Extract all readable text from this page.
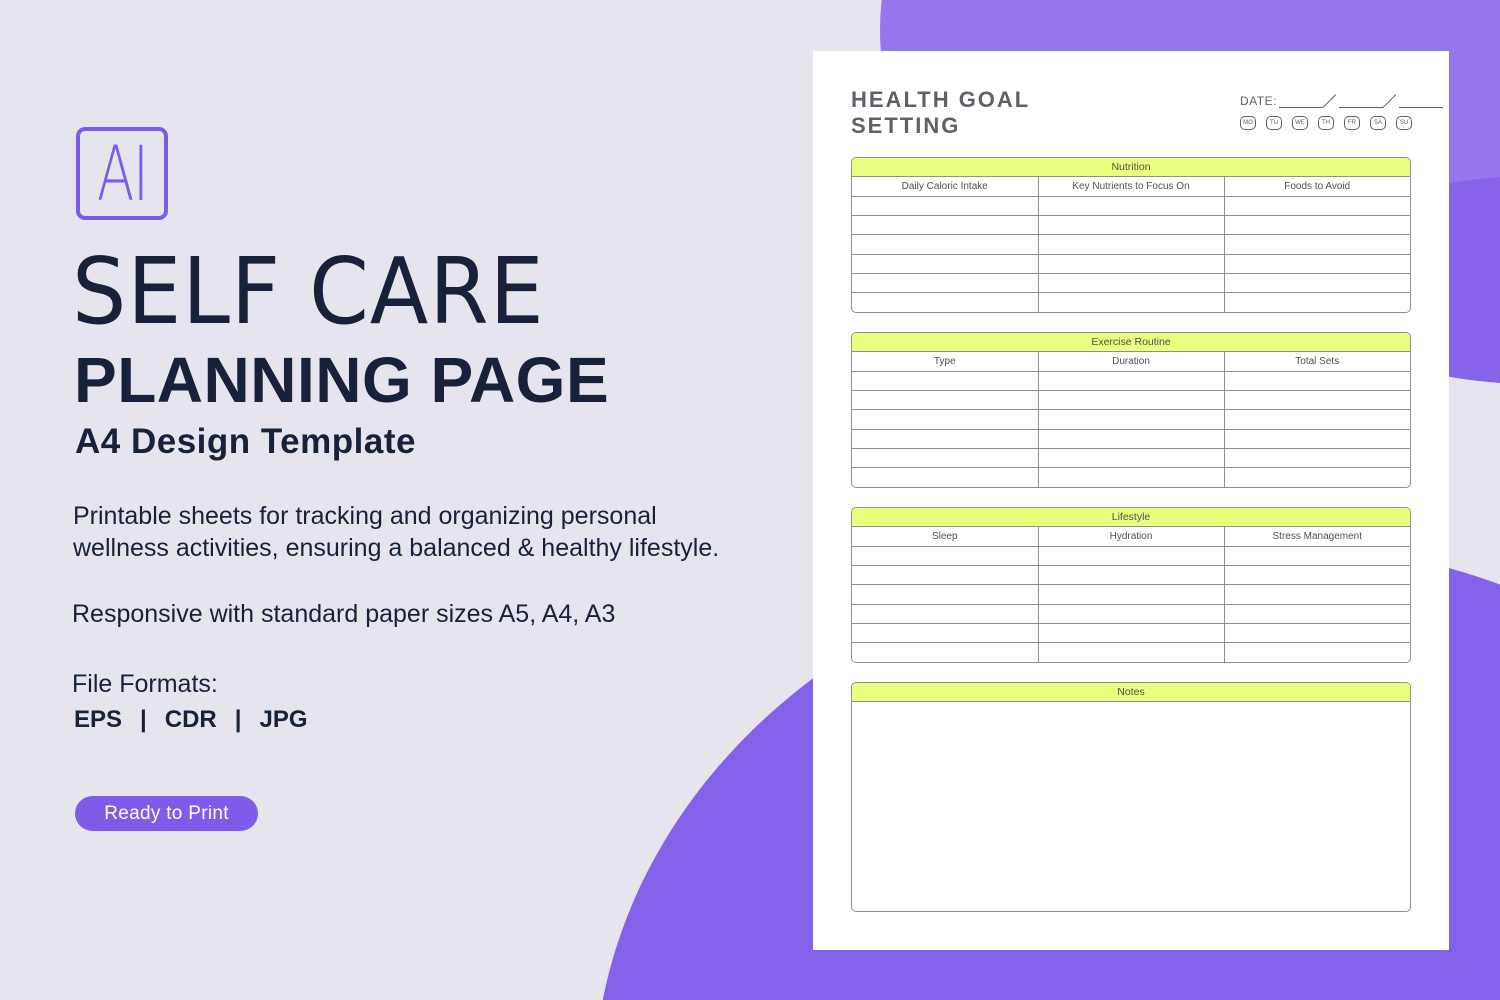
AI
SELF CARE
PLANNING PAGE
A4 Design Template
Printable sheets for tracking and organizing personal
wellness activities, ensuring a balanced & healthy lifestyle.
Responsive with standard paper sizes A5, A4, A3
File Formats:
EPS | CDR | JPG
Ready to Print
HEALTH GOAL
SETTING
DATE:
MO	TU	WE	TH	FR	SA	SU
Nutrition
Daily Caloric Intake	Key Nutrients to Focus On	Foods to Avoid

Exercise Routine
Type	Duration	Total Sets

Lifestyle
Sleep	Hydration	Stress Management

Notes
